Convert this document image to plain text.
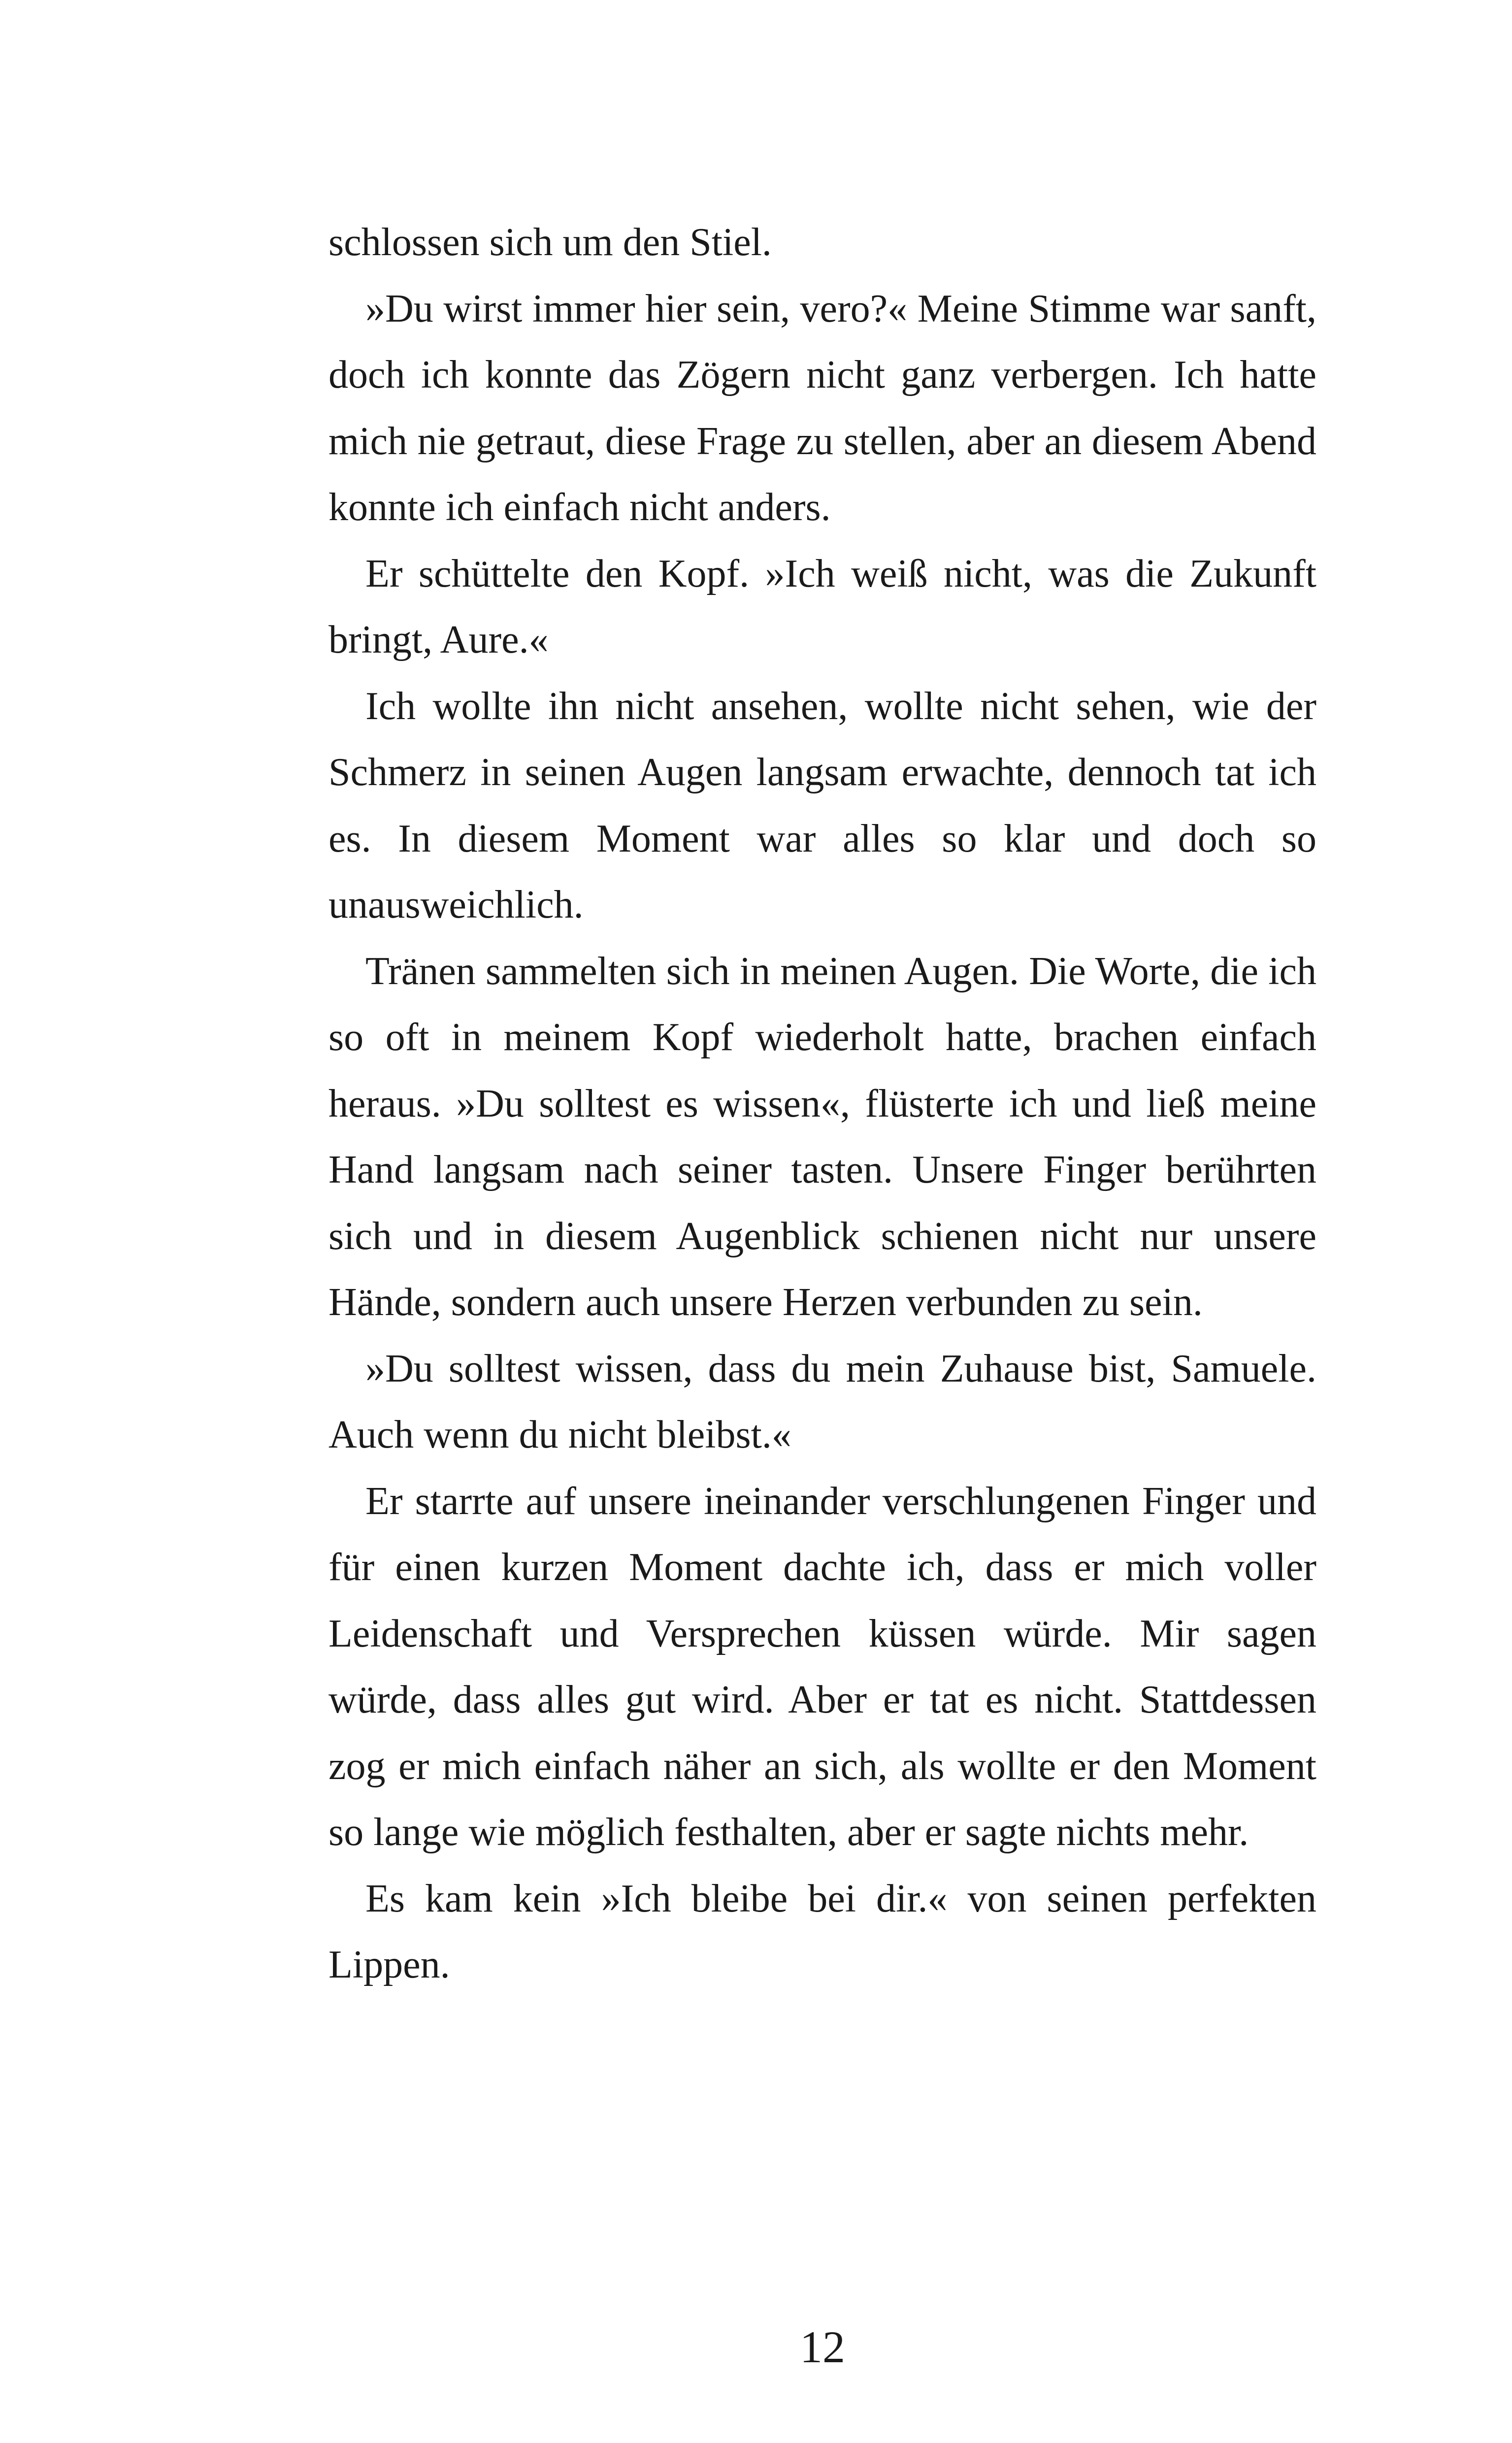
schlossen sich um den Stiel.

»Du wirst immer hier sein, vero?« Meine Stimme war sanft, doch ich konnte das Zögern nicht ganz verbergen. Ich hatte mich nie getraut, diese Frage zu stellen, aber an diesem Abend konnte ich einfach nicht anders.

Er schüttelte den Kopf. »Ich weiß nicht, was die Zukunft bringt, Aure.«

Ich wollte ihn nicht ansehen, wollte nicht sehen, wie der Schmerz in seinen Augen langsam erwachte, dennoch tat ich es. In diesem Moment war alles so klar und doch so unausweichlich.

Tränen sammelten sich in meinen Augen. Die Worte, die ich so oft in meinem Kopf wiederholt hatte, brachen einfach heraus. »Du solltest es wissen«, flüsterte ich und ließ meine Hand langsam nach seiner tasten. Unsere Finger berührten sich und in diesem Augenblick schienen nicht nur unsere Hände, sondern auch unsere Herzen verbunden zu sein.

»Du solltest wissen, dass du mein Zuhause bist, Samuele. Auch wenn du nicht bleibst.«

Er starrte auf unsere ineinander verschlungenen Finger und für einen kurzen Moment dachte ich, dass er mich voller Leidenschaft und Versprechen küssen würde. Mir sagen würde, dass alles gut wird. Aber er tat es nicht. Stattdessen zog er mich einfach näher an sich, als wollte er den Moment so lange wie möglich festhalten, aber er sagte nichts mehr.

Es kam kein »Ich bleibe bei dir.« von seinen perfekten Lippen.

12
